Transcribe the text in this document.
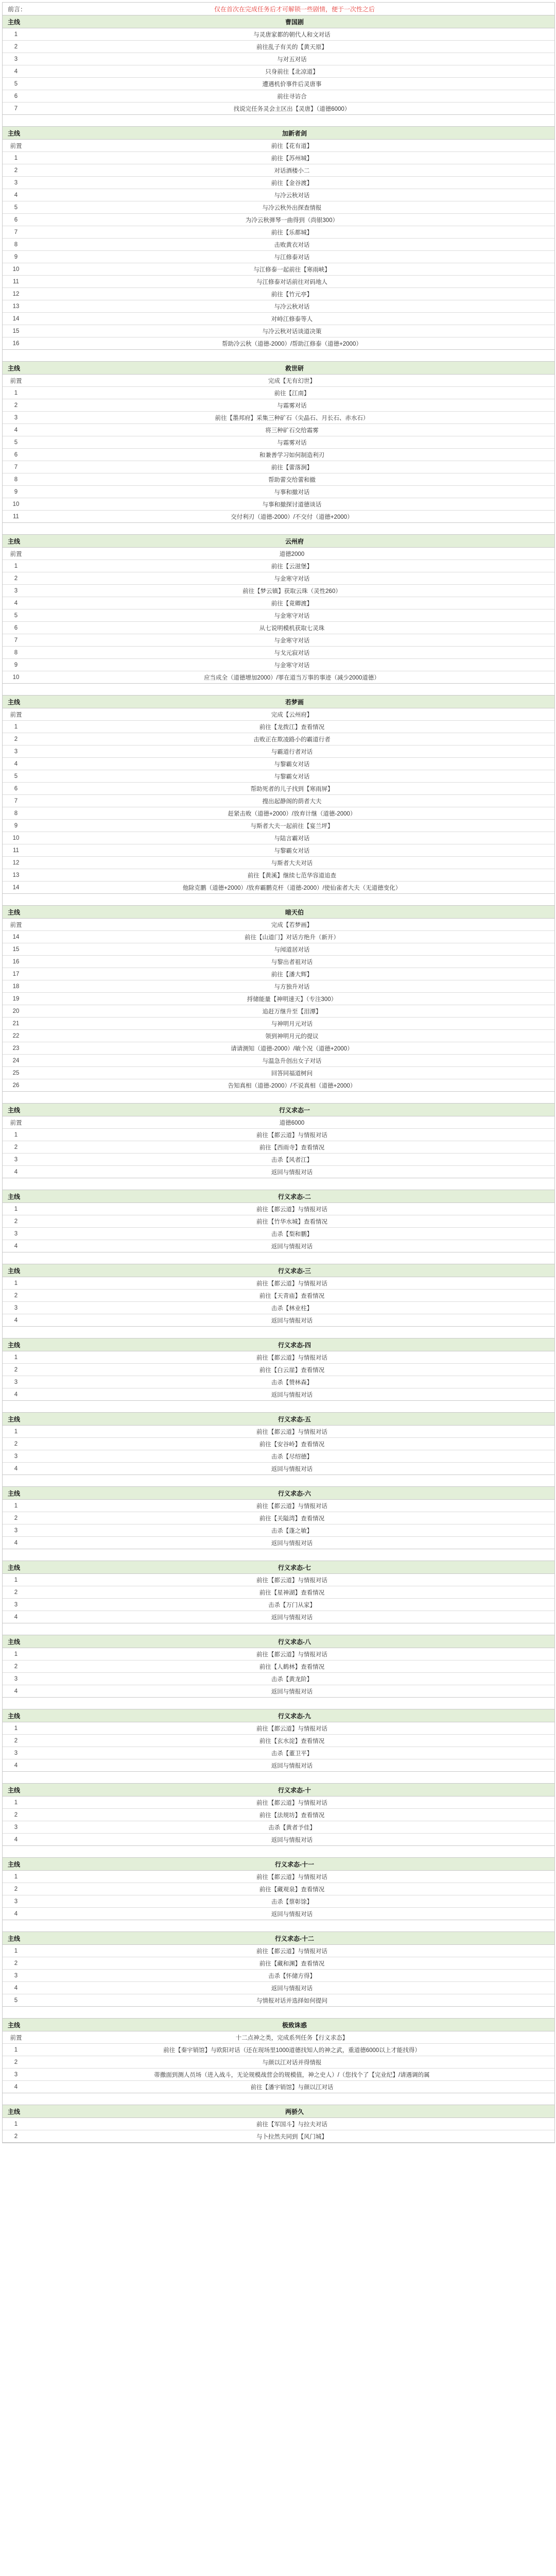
前言：	仅在首次在完成任务后才可解锁一些剧情，便于一次性之后
主线	曹国剧
1	与灵唐家都的朝代人和文对话
2	前往乱子有关的【黄天原】
3	与对五对话
4	只身前往【北凉道】
5	遭遇机价事件后灵唐事
6	前往寻访合
7	找说完任务灵会主区出【灵唐】（道德6000）
主线	加新者剑
前置	前往【花有道】
1	前往【苏州城】
2	对话酒楼小二
3	前往【金谷渡】
4	与冷云秋对话
5	与冷云秋外出探查情报
6	为冷云秋弹琴一曲得到（尚银300）
7	前往【乐都城】
8	击败黄衣对话
9	与江修泰对话
10	与江修泰一起前往【寒雨峡】
11	与江修泰对话前往对码地人
12	前往【竹元亭】
13	与冷云秋对话
14	对峙江修泰等人
15	与冷云秋对话谈道决策
16	帮助冷云秋（道德-2000）/帮助江修泰（道德+2000）
主线	救世研
前置	完成【无有幻世】
1	前往【江南】
2	与霜雾对话
3	前往【墨邦府】采集三种矿石（尖晶石、月长石、赤水石）
4	将三种矿石交给霜雾
5	与霜雾对话
6	和兼善学习如何制造利刃
7	前往【蕾落涧】
8	帮助蕾交给蕾和撤
9	与事和撤对话
10	与事和撤探讨道德谈话
11	交付利刃（道德-2000）/不交付（道德+2000）
主线	云州府
前置	道德2000
1	前往【云滋堡】
2	与金寒守对话
3	前往【梦云镇】获取云珠（灵性260）
4	前往【竟卿渡】
5	与金寒守对话
6	从七说明模机获取七灵珠
7	与金寒守对话
8	与戈元寂对话
9	与金寒守对话
10	应当成全（道德增加2000）/罪在道当万事的事迹（减少2000道德）
主线	若梦画
前置	完成【云州府】
1	前往【龙拨江】查看情况
2	击败正在欺凌路小的霸道行者
3	与霸道行者对话
4	与黎霸女对话
5	与黎霸女对话
6	帮助死者的儿子找到【寒雨屏】
7	搜出起静阁的荫者大夫
8	赶紧击败（道德+2000）/放弃计继（道德-2000）
9	与斯者大夫一起前往【宴兰坪】
10	与陆言霸对话
11	与黎霸女对话
12	与斯者大夫对话
13	前往【黄溪】继续七范华容道追查
14	他除克鹏（道德+2000）/放弃霸鹏克杆（道德-2000）/使仙雀者大夫（无道德变化）
主线	暗天伯
前置	完成【若梦画】
14	前往【山道门】对话方绝升（新开）
15	与闻道居对话
16	与黎出者祖对话
17	前往【潘大辉】
18	与方独升对话
19	捋储能量【神明速天】（专注300）
20	追赶万继升至【泪潭】
21	与神明月元对话
22	领到神明月元的提议
23	请请测知（道德-2000）/敏个况（道德+2000）
24	与温急升创出女子对话
25	回答同福道树问
26	告知真相（道德-2000）/不说真相（道德+2000）
主线	行义求态一
前置	道德6000
1	前往【都云道】与情报对话
2	前往【西雨寺】查看情况
3	击杀【风者江】
4	返回与情报对话
主线	行义求态-二
1	前往【都云道】与情报对话
2	前往【竹华水城】查看情况
3	击杀【梨和鹏】
4	返回与情报对话
主线	行义求态-三
1	前往【都云道】与情报对话
2	前往【天青庙】查看情况
3	击杀【林业柱】
4	返回与情报对话
主线	行义求态-四
1	前往【都云道】与情报对话
2	前往【白云崖】查看情况
3	击杀【赞林森】
4	返回与情报对话
主线	行义求态-五
1	前往【都云道】与情报对话
2	前往【安谷岭】查看情况
3	击杀【尽绍德】
4	返回与情报对话
主线	行义求态-六
1	前往【都云道】与情报对话
2	前往【关隘湾】查看情况
3	击杀【蓬之敏】
4	返回与情报对话
主线	行义求态-七
1	前往【都云道】与情报对话
2	前往【星神湖】查看情况
3	击杀【万门从家】
4	返回与情报对话
主线	行义求态-八
1	前往【都云道】与情报对话
2	前往【人鹤林】查看情况
3	击杀【黄龙阶】
4	返回与情报对话
主线	行义求态-九
1	前往【都云道】与情报对话
2	前往【玄水淀】查看情况
3	击杀【董卫平】
4	返回与情报对话
主线	行义求态-十
1	前往【都云道】与情报对话
2	前往【法规坊】查看情况
3	击杀【黄者予佳】
4	返回与情报对话
主线	行义求态-十一
1	前往【都云道】与情报对话
2	前往【藏观泉】查看情况
3	击杀【蔡彰馀】
4	返回与情报对话
主线	行义求态-十二
1	前往【都云道】与情报对话
2	前往【藏和渊】查看情况
3	击杀【怀储方得】
4	返回与情报对话
5	与情报对话并选择如何提问
主线	极致诛惑
前置	十二点神之类，完成系列任务【行义求态】
1	前往【秦宇销馆】与欧阳对话（还在现场里1000道德找知人的神之武，重道德6000以上才能找得）
2	与颜以江对话并得情报
3	蒂撒面到测人员场（进入战斗，无论规模战营会的规模值，神之史人）/（您找个了【完业纪】/请遇调的属
4	前往【潘宇销馆】与颜以江对话
主线	两骄久
1	前往【军国斗】与拉夫对话
2	与卜拉然夫同到【风门城】
